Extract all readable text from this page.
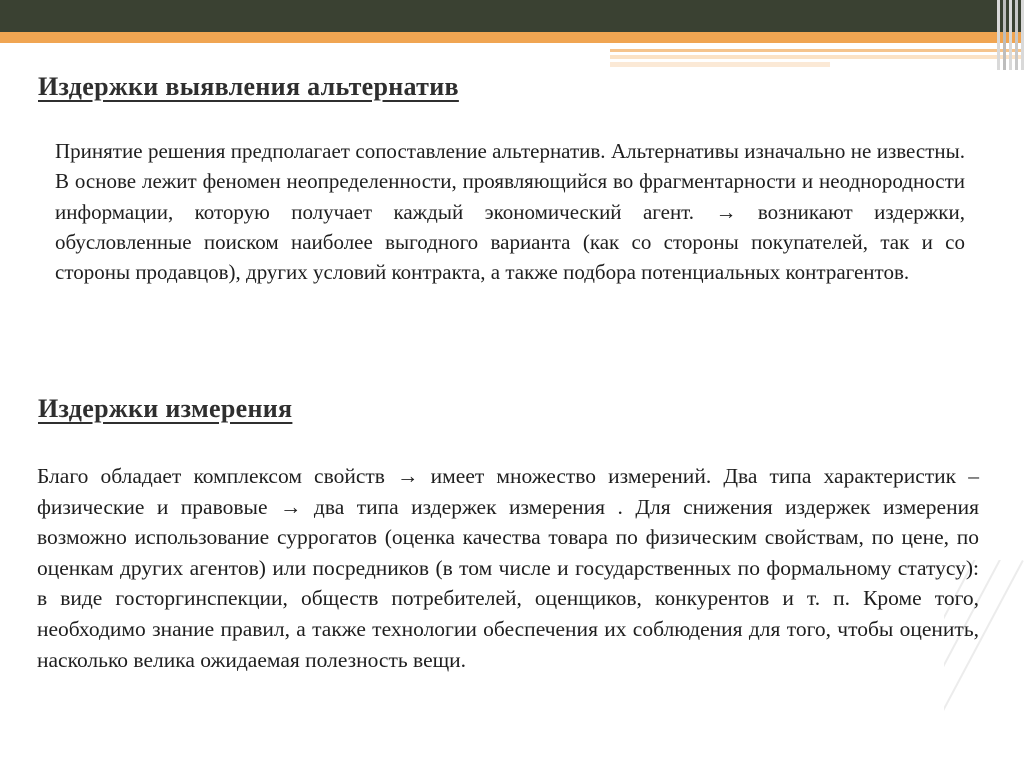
Издержки выявления альтернатив

Принятие решения предполагает сопоставление альтернатив. Альтернативы изначально не известны. В основе лежит феномен неопределенности, проявляющийся во фрагментарности и неоднородности информации, которую получает каждый экономический агент. → возникают издержки, обусловленные поиском наиболее выгодного варианта (как со стороны покупателей, так и со стороны продавцов), других условий контракта, а также подбора потенциальных контрагентов.

Издержки измерения

Благо обладает комплексом свойств → имеет множество измерений. Два типа характеристик – физические и правовые → два типа издержек измерения . Для снижения издержек измерения возможно использование суррогатов (оценка качества товара по физическим свойствам, по цене, по оценкам других агентов) или посредников (в том числе и государственных по формальному статусу): в виде госторгинспекции, обществ потребителей, оценщиков, конкурентов и т. п. Кроме того, необходимо знание правил, а также технологии обеспечения их соблюдения для того, чтобы оценить, насколько велика ожидаемая полезность вещи.
